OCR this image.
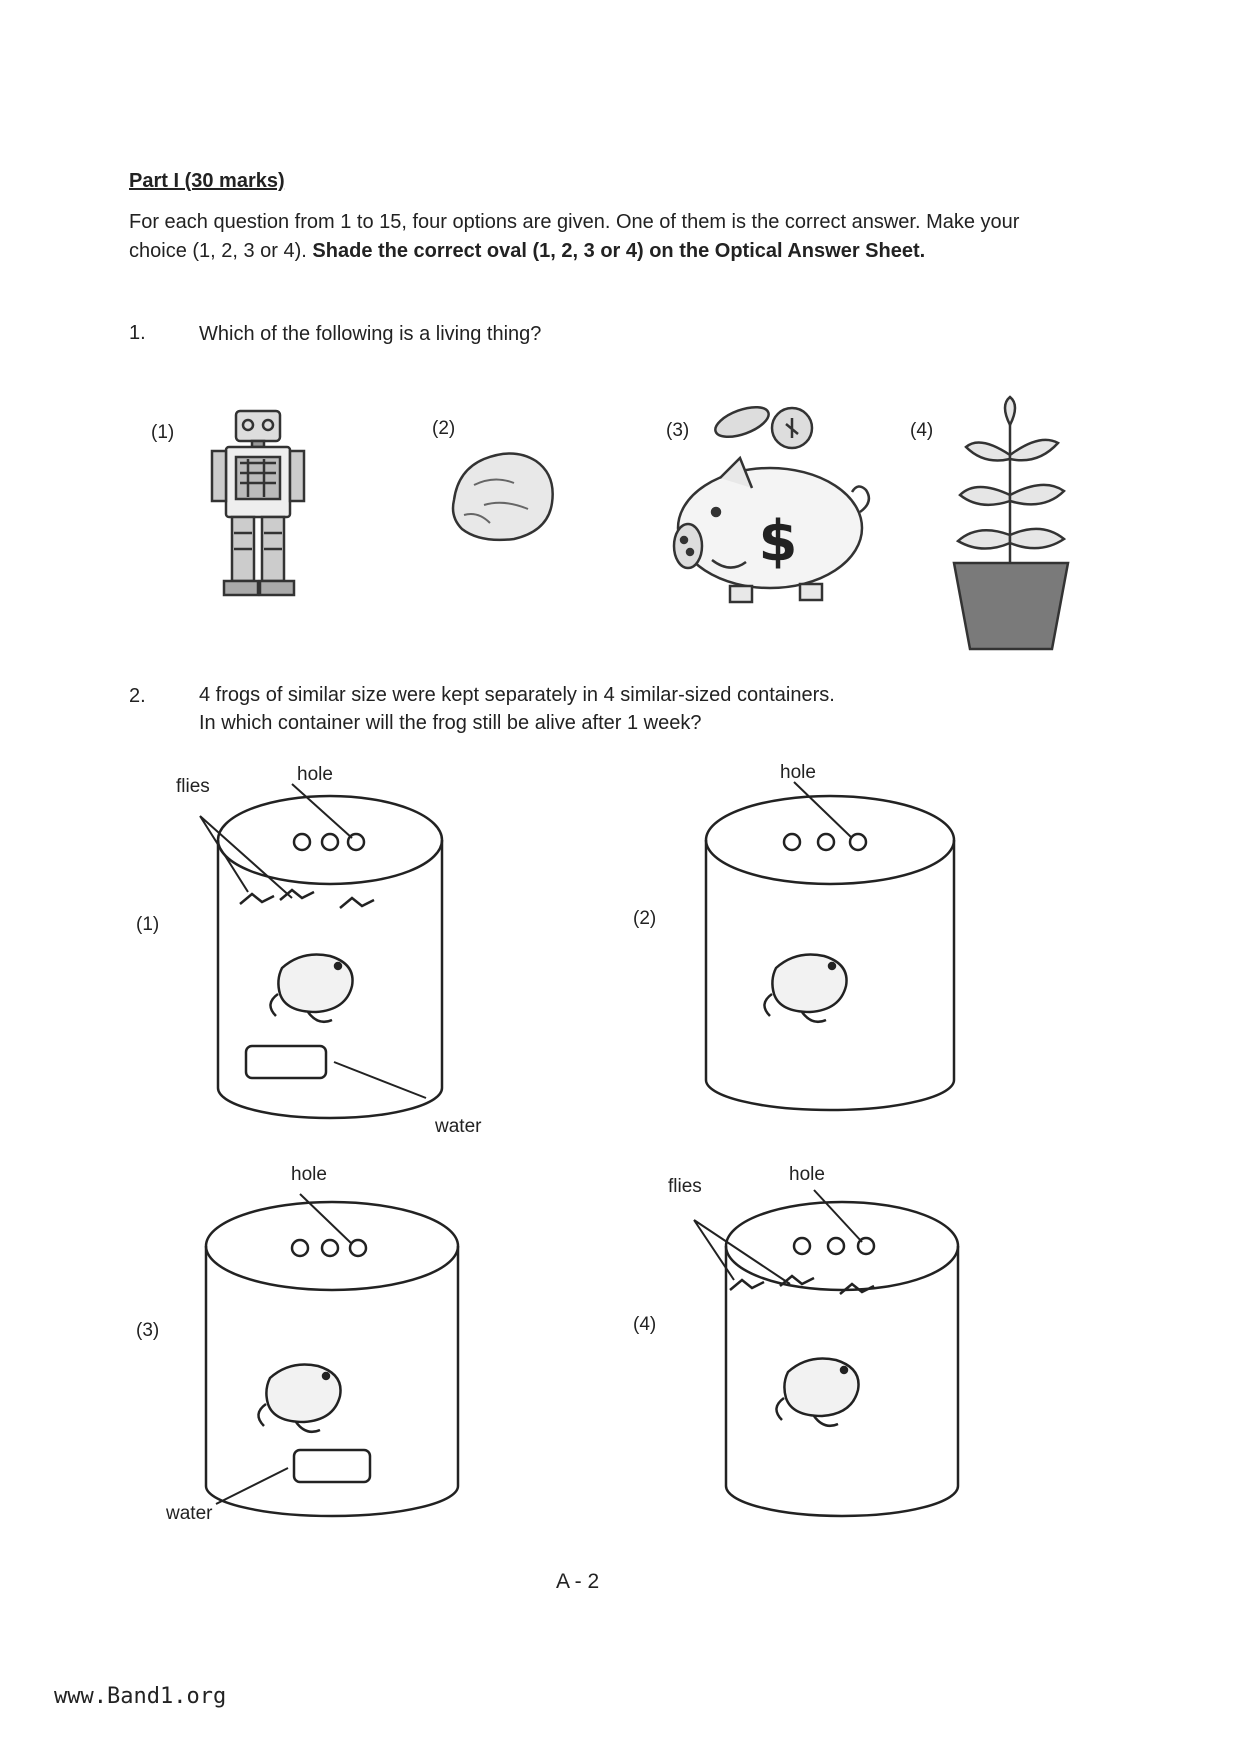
Part I (30 marks)
For each question from 1 to 15, four options are given. One of them is the correct answer. Make your choice (1, 2, 3 or 4). Shade the correct oval (1, 2, 3 or 4) on the Optical Answer Sheet.
1.	Which of the following is a living thing?
(1)	(2)	(3)	(4)
$
2.	4 frogs of similar size were kept separately in 4 similar-sized containers.
In which container will the frog still be alive after 1 week?
(1)	(2)
(3)	(4)
flies
hole
water
hole
hole
water
flies
hole
A - 2
www.Band1.org
